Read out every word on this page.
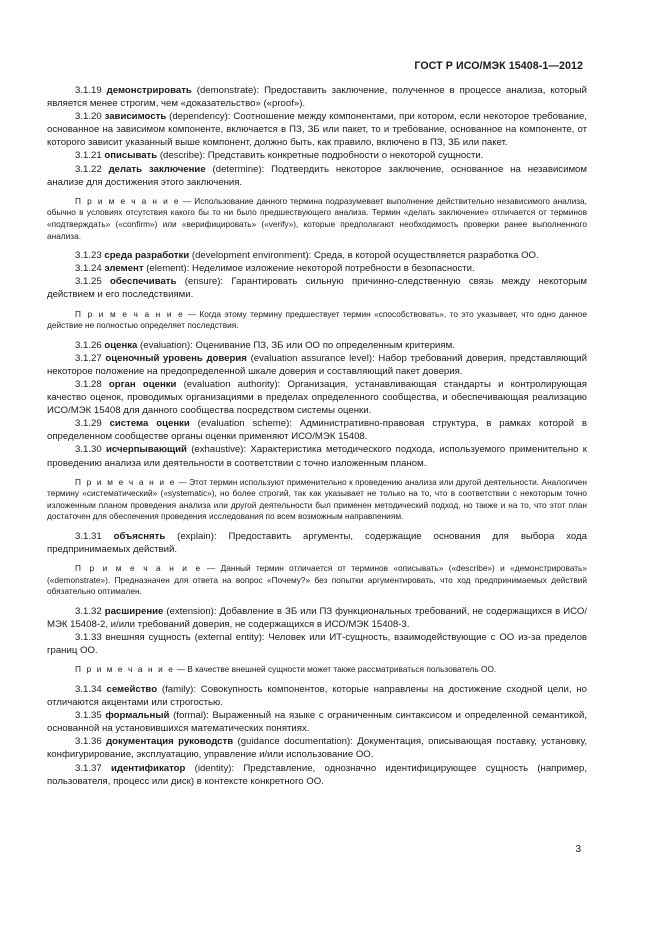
ГОСТ Р ИСО/МЭК 15408-1—2012

3.1.19 демонстрировать (demonstrate): Предоставить заключение, полученное в процессе анализа, который является менее строгим, чем «доказательство» («proof»).

3.1.20 зависимость (dependency): Соотношение между компонентами, при котором, если некоторое требование, основанное на зависимом компоненте, включается в ПЗ, ЗБ или пакет, то и требование, основанное на компоненте, от которого зависит указанный выше компонент, должно быть, как правило, включено в ПЗ, ЗБ или пакет.

3.1.21 описывать (describe): Представить конкретные подробности о некоторой сущности.

3.1.22 делать заключение (determine): Подтвердить некоторое заключение, основанное на независимом анализе для достижения этого заключения.

П р и м е ч а н и е — Использование данного термина подразумевает выполнение действительно независимого анализа, обычно в условиях отсутствия какого бы то ни было предшествующего анализа. Термин «делать заключение» отличается от терминов «подтверждать» («confirm») или «верифицировать» («verify»), которые предполагают необходимость проверки ранее выполненного анализа.

3.1.23 среда разработки (development environment): Среда, в которой осуществляется разработка ОО.

3.1.24 элемент (element): Неделимое изложение некоторой потребности в безопасности.

3.1.25 обеспечивать (ensure): Гарантировать сильную причинно-следственную связь между некоторым действием и его последствиями.

П р и м е ч а н и е — Когда этому термину предшествует термин «способствовать», то это указывает, что одно данное действие не полностью определяет последствия.

3.1.26 оценка (evaluation): Оценивание ПЗ, ЗБ или ОО по определенным критериям.

3.1.27 оценочный уровень доверия (evaluation assurance level): Набор требований доверия, представляющий некоторое положение на предопределенной шкале доверия и составляющий пакет доверия.

3.1.28 орган оценки (evaluation authority): Организация, устанавливающая стандарты и контролирующая качество оценок, проводимых организациями в пределах определенного сообщества, и обеспечивающая реализацию ИСО/МЭК 15408 для данного сообщества посредством системы оценки.

3.1.29 система оценки (evaluation scheme): Административно-правовая структура, в рамках которой в определенном сообществе органы оценки применяют ИСО/МЭК 15408.

3.1.30 исчерпывающий (exhaustive): Характеристика методического подхода, используемого применительно к проведению анализа или деятельности в соответствии с точно изложенным планом.

П р и м е ч а н и е — Этот термин используют применительно к проведению анализа или другой деятельности. Аналогичен термину «систематический» («systematic»), но более строгий, так как указывает не только на то, что в соответствии с некоторым точно изложенным планом проведения анализа или другой деятельности был применен методический подход, но также и на то, что этот план достаточен для обеспечения проведения исследования по всем возможным направлениям.

3.1.31 объяснять (explain): Предоставить аргументы, содержащие основания для выбора хода предпринимаемых действий.

П р и м е ч а н и е — Данный термин отличается от терминов «описывать» («describe») и «демонстрировать» («demonstrate»). Предназначен для ответа на вопрос «Почему?» без попытки аргументировать, что ход предпринимаемых действий обязательно оптимален.

3.1.32 расширение (extension): Добавление в ЗБ или ПЗ функциональных требований, не содержащихся в ИСО/МЭК 15408-2, и/или требований доверия, не содержащихся в ИСО/МЭК 15408-3.

3.1.33 внешняя сущность (external entity): Человек или ИТ-сущность, взаимодействующие с ОО из-за пределов границ ОО.

П р и м е ч а н и е — В качестве внешней сущности может также рассматриваться пользователь ОО.

3.1.34 семейство (family): Совокупность компонентов, которые направлены на достижение сходной цели, но отличаются акцентами или строгостью.

3.1.35 формальный (formal): Выраженный на языке с ограниченным синтаксисом и определенной семантикой, основанной на установившихся математических понятиях.

3.1.36 документация руководств (guidance documentation): Документация, описывающая поставку, установку, конфигурирование, эксплуатацию, управление и/или использование ОО.

3.1.37 идентификатор (identity): Представление, однозначно идентифицирующее сущность (например, пользователя, процесс или диск) в контексте конкретного ОО.

3
